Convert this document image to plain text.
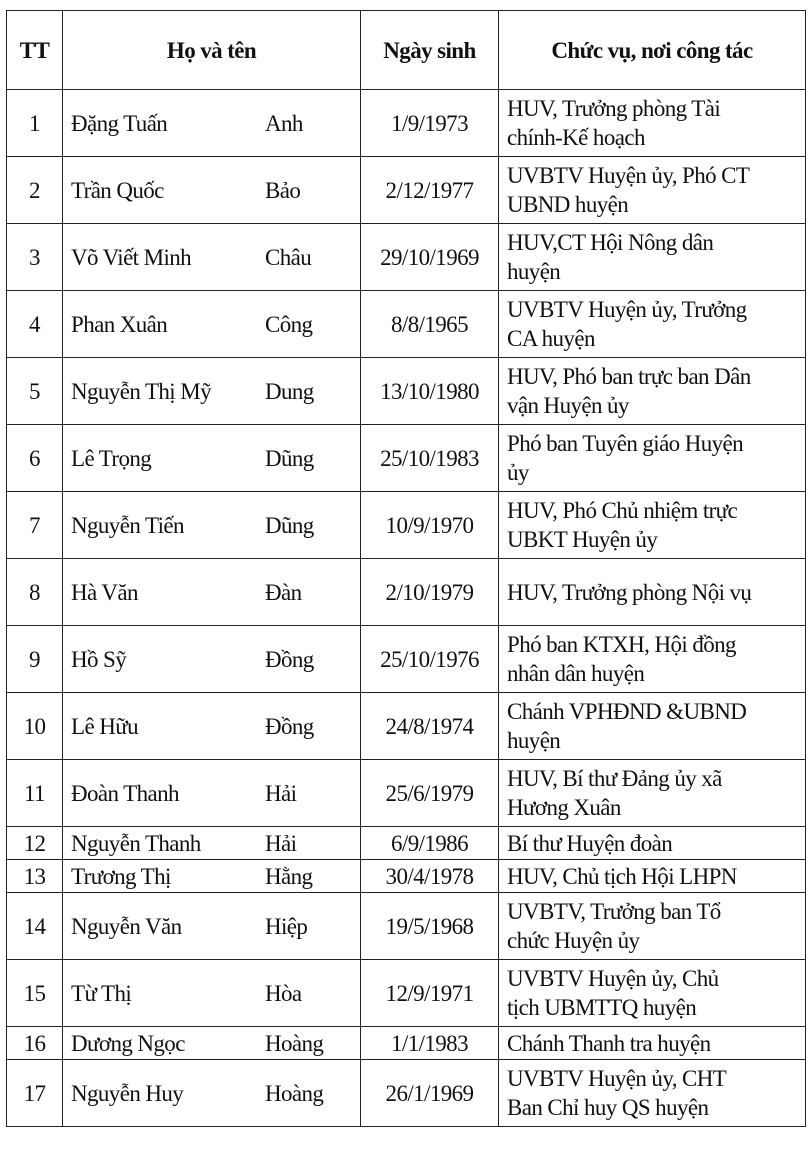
TT	Họ và tên	Ngày sinh	Chức vụ, nơi công tác
1	Đặng Tuấn Anh	1/9/1973	HUV, Trưởng phòng Tài
chính-Kế hoạch
2	Trần Quốc Bảo	2/12/1977	UVBTV Huyện ủy, Phó CT
UBND huyện
3	Võ Viết Minh Châu	29/10/1969	HUV,CT Hội Nông dân
huyện
4	Phan Xuân Công	8/8/1965	UVBTV Huyện ủy, Trưởng
CA huyện
5	Nguyễn Thị Mỹ Dung	13/10/1980	HUV, Phó ban trực ban Dân
vận Huyện ủy
6	Lê Trọng Dũng	25/10/1983	Phó ban Tuyên giáo Huyện
ủy
7	Nguyễn Tiến Dũng	10/9/1970	HUV, Phó Chủ nhiệm trực
UBKT Huyện ủy
8	Hà Văn Đàn	2/10/1979	HUV, Trưởng phòng Nội vụ
9	Hồ Sỹ Đồng	25/10/1976	Phó ban KTXH, Hội đồng
nhân dân huyện
10	Lê Hữu Đồng	24/8/1974	Chánh VPHĐND &UBND
huyện
11	Đoàn Thanh Hải	25/6/1979	HUV, Bí thư Đảng ủy xã
Hương Xuân
12	Nguyễn Thanh Hải	6/9/1986	Bí thư Huyện đoàn
13	Trương Thị Hằng	30/4/1978	HUV, Chủ tịch Hội LHPN
14	Nguyễn Văn Hiệp	19/5/1968	UVBTV, Trưởng ban Tổ
chức Huyện ủy
15	Từ Thị Hòa	12/9/1971	UVBTV Huyện ủy, Chủ
tịch UBMTTQ huyện
16	Dương Ngọc Hoàng	1/1/1983	Chánh Thanh tra huyện
17	Nguyễn Huy Hoàng	26/1/1969	UVBTV Huyện ủy, CHT
Ban Chỉ huy QS huyện
